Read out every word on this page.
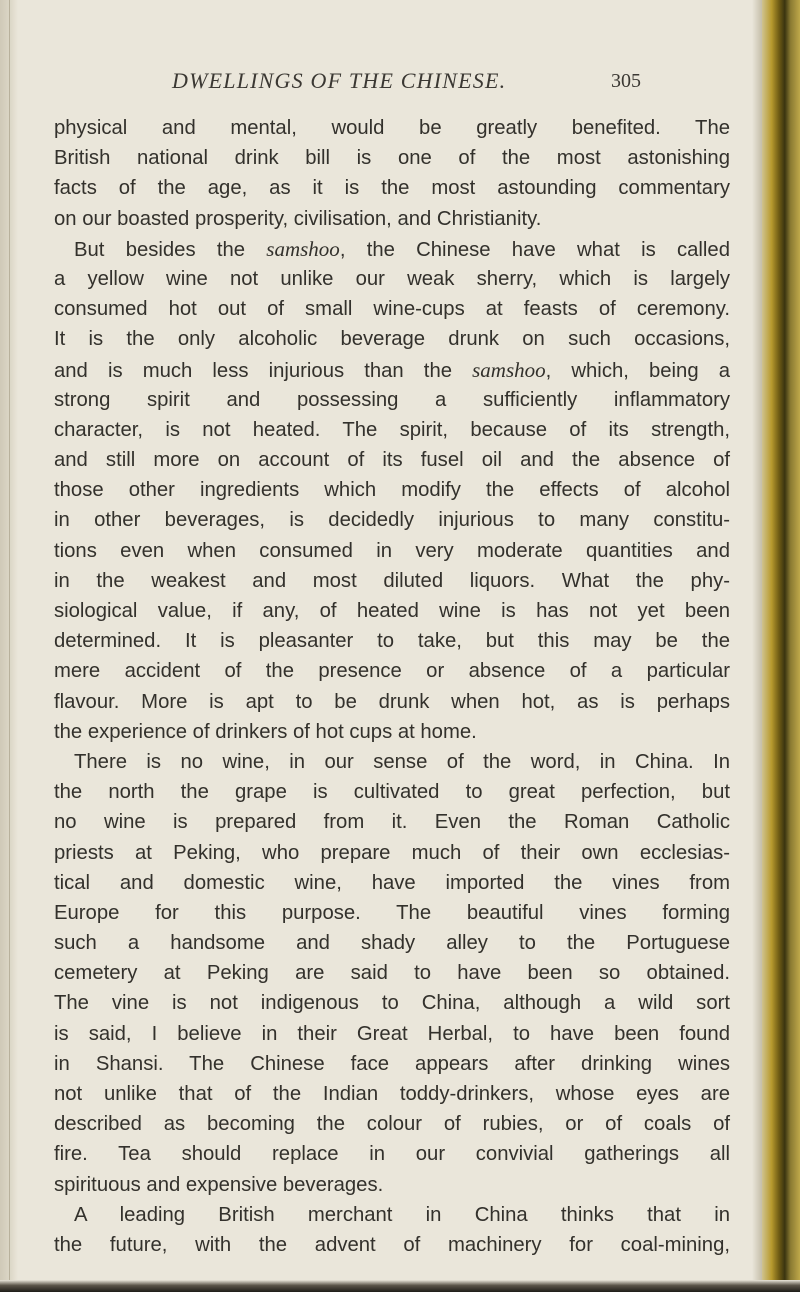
DWELLINGS OF THE CHINESE.	305
physical and mental, would be greatly benefited. The
British national drink bill is one of the most astonishing
facts of the age, as it is the most astounding commentary
on our boasted prosperity, civilisation, and Christianity.
But besides the samshoo, the Chinese have what is called
a yellow wine not unlike our weak sherry, which is largely
consumed hot out of small wine-cups at feasts of ceremony.
It is the only alcoholic beverage drunk on such occasions,
and is much less injurious than the samshoo, which, being a
strong spirit and possessing a sufficiently inflammatory
character, is not heated. The spirit, because of its strength,
and still more on account of its fusel oil and the absence of
those other ingredients which modify the effects of alcohol
in other beverages, is decidedly injurious to many constitu-
tions even when consumed in very moderate quantities and
in the weakest and most diluted liquors. What the phy-
siological value, if any, of heated wine is has not yet been
determined. It is pleasanter to take, but this may be the
mere accident of the presence or absence of a particular
flavour. More is apt to be drunk when hot, as is perhaps
the experience of drinkers of hot cups at home.
There is no wine, in our sense of the word, in China. In
the north the grape is cultivated to great perfection, but
no wine is prepared from it. Even the Roman Catholic
priests at Peking, who prepare much of their own ecclesias-
tical and domestic wine, have imported the vines from
Europe for this purpose. The beautiful vines forming
such a handsome and shady alley to the Portuguese
cemetery at Peking are said to have been so obtained.
The vine is not indigenous to China, although a wild sort
is said, I believe in their Great Herbal, to have been found
in Shansi. The Chinese face appears after drinking wines
not unlike that of the Indian toddy-drinkers, whose eyes are
described as becoming the colour of rubies, or of coals of
fire. Tea should replace in our convivial gatherings all
spirituous and expensive beverages.
A leading British merchant in China thinks that in
the future, with the advent of machinery for coal-mining,
